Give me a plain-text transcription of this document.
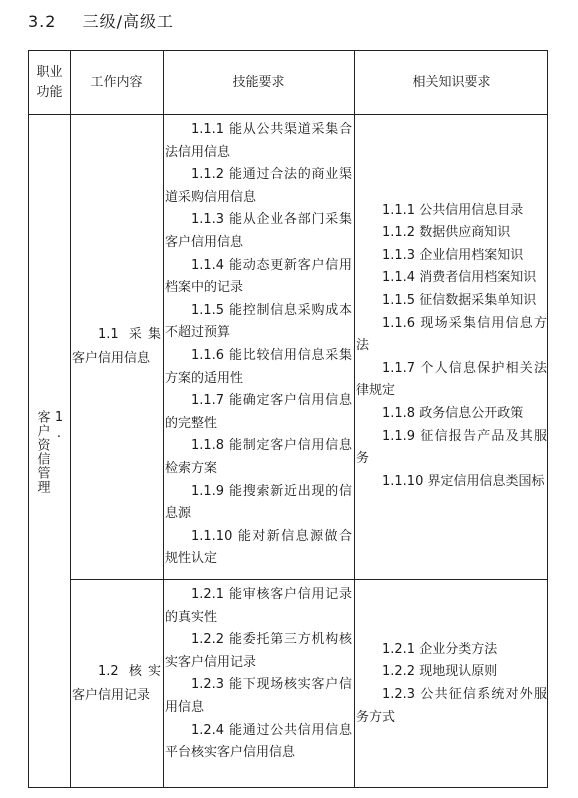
3.2 三级/高级工
职业
功能
工作内容	技能要求	相关知识要求
1.
客户资信管理

1.1 采集客户信用信息

1.1.1 能从公共渠道采集合法信用信息

1.1.2 能通过合法的商业渠道采购信用信息

1.1.3 能从企业各部门采集客户信用信息

1.1.4 能动态更新客户信用档案中的记录

1.1.5 能控制信息采购成本不超过预算

1.1.6 能比较信用信息采集方案的适用性

1.1.7 能确定客户信用信息的完整性

1.1.8 能制定客户信用信息检索方案

1.1.9 能搜索新近出现的信息源

1.1.10 能对新信息源做合规性认定

1.1.1 公共信用信息目录

1.1.2 数据供应商知识

1.1.3 企业信用档案知识

1.1.4 消费者信用档案知识

1.1.5 征信数据采集单知识

1.1.6 现场采集信用信息方法

1.1.7 个人信息保护相关法律规定

1.1.8 政务信息公开政策

1.1.9 征信报告产品及其服务

1.1.10 界定信用信息类国标

1.2 核实客户信用记录

1.2.1 能审核客户信用记录的真实性

1.2.2 能委托第三方机构核实客户信用记录

1.2.3 能下现场核实客户信用信息

1.2.4 能通过公共信用信息平台核实客户信用信息

1.2.1 企业分类方法

1.2.2 现地现认原则

1.2.3 公共征信系统对外服务方式
